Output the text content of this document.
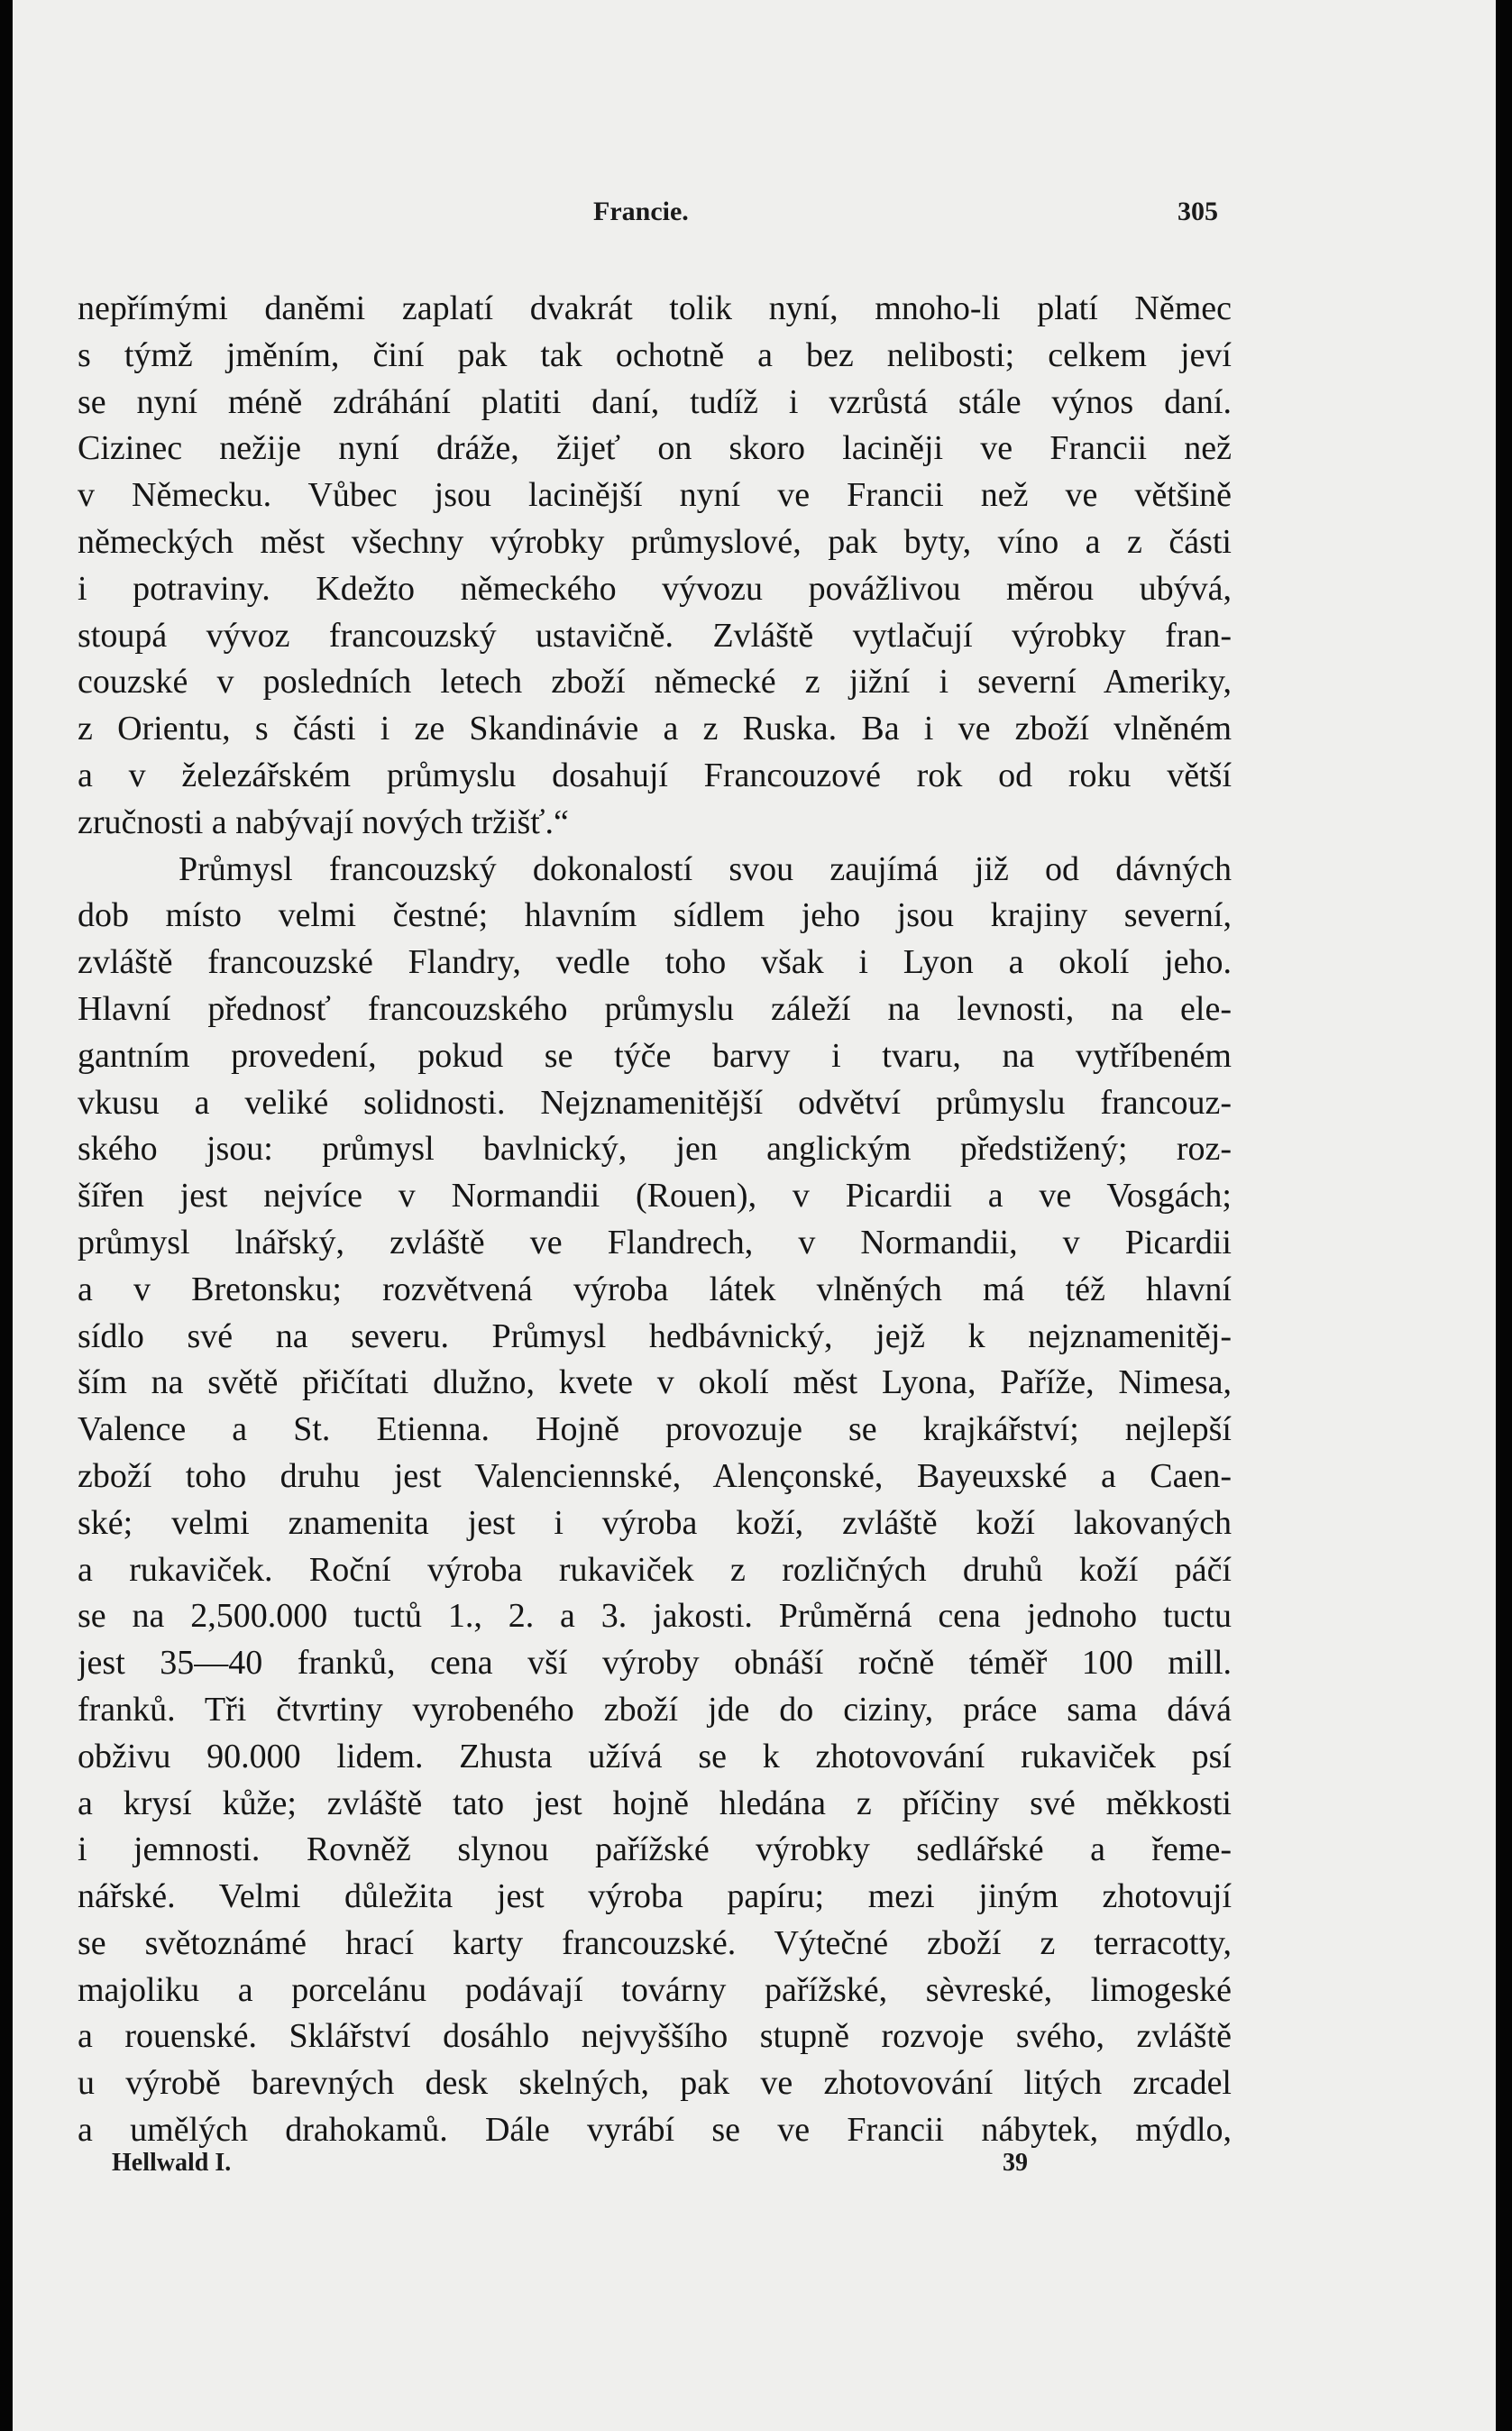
Francie.	305
nepřímými daněmi zaplatí dvakrát tolik nyní, mnoho-li platí Němec
s týmž jměním, činí pak tak ochotně a bez nelibosti; celkem jeví
se nyní méně zdráhání platiti daní, tudíž i vzrůstá stále výnos daní.
Cizinec nežije nyní dráže, žijeť on skoro laciněji ve Francii než
v Německu. Vůbec jsou lacinější nyní ve Francii než ve většině
německých měst všechny výrobky průmyslové, pak byty, víno a z části
i potraviny. Kdežto německého vývozu povážlivou měrou ubývá,
stoupá vývoz francouzský ustavičně. Zvláště vytlačují výrobky fran-
couzské v posledních letech zboží německé z jižní i severní Ameriky,
z Orientu, s části i ze Skandinávie a z Ruska. Ba i ve zboží vlněném
a v železářském průmyslu dosahují Francouzové rok od roku větší
zručnosti a nabývají nových tržišť.“
Průmysl francouzský dokonalostí svou zaujímá již od dávných
dob místo velmi čestné; hlavním sídlem jeho jsou krajiny severní,
zvláště francouzské Flandry, vedle toho však i Lyon a okolí jeho.
Hlavní přednosť francouzského průmyslu záleží na levnosti, na ele-
gantním provedení, pokud se týče barvy i tvaru, na vytříbeném
vkusu a veliké solidnosti. Nejznamenitější odvětví průmyslu francouz-
ského jsou: průmysl bavlnický, jen anglickým předstižený; roz-
šířen jest nejvíce v Normandii (Rouen), v Picardii a ve Vosgách;
průmysl lnářský, zvláště ve Flandrech, v Normandii, v Picardii
a v Bretonsku; rozvětvená výroba látek vlněných má též hlavní
sídlo své na severu. Průmysl hedbávnický, jejž k nejznamenitěj-
ším na světě přičítati dlužno, kvete v okolí měst Lyona, Paříže, Nimesa,
Valence a St. Etienna. Hojně provozuje se krajkářství; nejlepší
zboží toho druhu jest Valenciennské, Alençonské, Bayeuxské a Caen-
ské; velmi znamenita jest i výroba koží, zvláště koží lakovaných
a rukaviček. Roční výroba rukaviček z rozličných druhů koží páčí
se na 2,500.000 tuctů 1., 2. a 3. jakosti. Průměrná cena jednoho tuctu
jest 35—40 franků, cena vší výroby obnáší ročně téměř 100 mill.
franků. Tři čtvrtiny vyrobeného zboží jde do ciziny, práce sama dává
obživu 90.000 lidem. Zhusta užívá se k zhotovování rukaviček psí
a krysí kůže; zvláště tato jest hojně hledána z příčiny své měkkosti
i jemnosti. Rovněž slynou pařížské výrobky sedlářské a řeme-
nářské. Velmi důležita jest výroba papíru; mezi jiným zhotovují
se světoznámé hrací karty francouzské. Výtečné zboží z terracotty,
majoliku a porcelánu podávají továrny pařížské, sèvreské, limogeské
a rouenské. Sklářství dosáhlo nejvyššího stupně rozvoje svého, zvláště
u výrobě barevných desk skelných, pak ve zhotovování litých zrcadel
a umělých drahokamů. Dále vyrábí se ve Francii nábytek, mýdlo,
Hellwald I.	39
